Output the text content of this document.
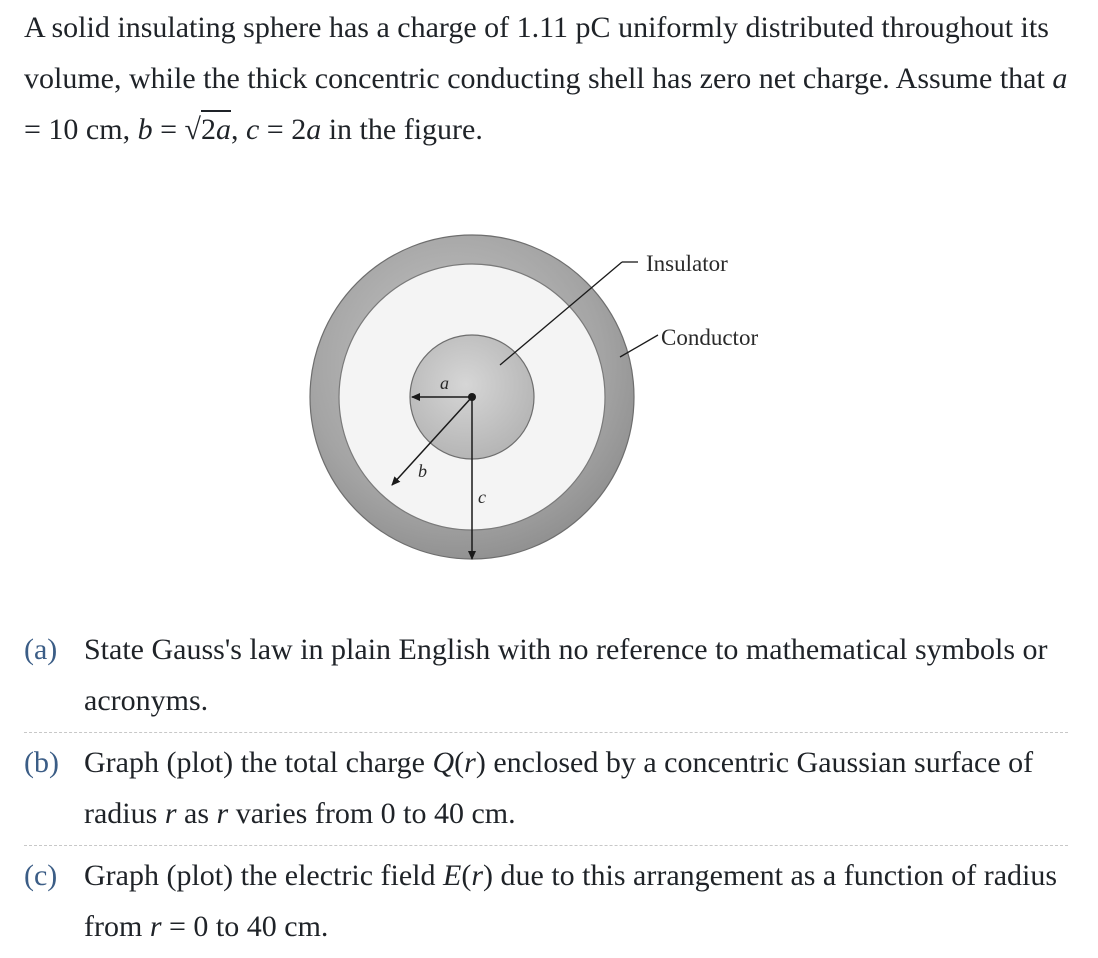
A solid insulating sphere has a charge of 1.11 pC uniformly distributed throughout its volume, while the thick concentric conducting shell has zero net charge. Assume that a = 10 cm, b = √2a, c = 2a in the figure.

Insulator
Conductor
a
b
c
(a) State Gauss's law in plain English with no reference to mathematical symbols or acronyms.
(b) Graph (plot) the total charge Q(r) enclosed by a concentric Gaussian surface of radius r as r varies from 0 to 40 cm.
(c) Graph (plot) the electric field E(r) due to this arrangement as a function of radius from r = 0 to 40 cm.
